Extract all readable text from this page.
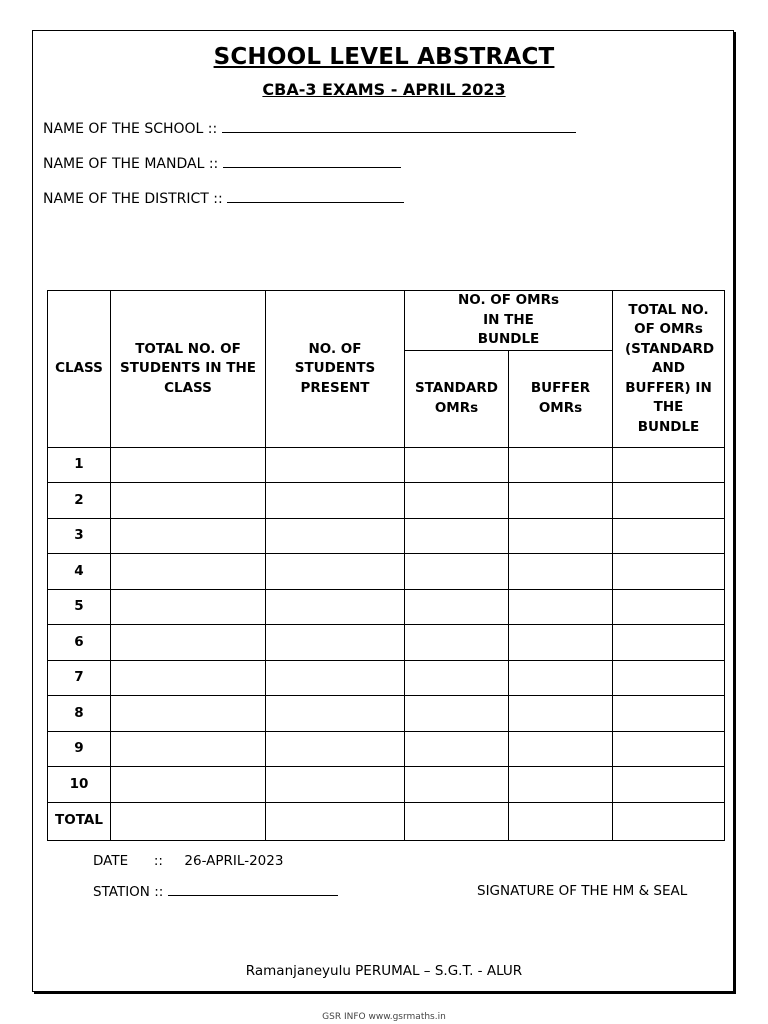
SCHOOL LEVEL ABSTRACT
CBA-3 EXAMS - APRIL 2023
NAME OF THE SCHOOL ::
NAME OF THE MANDAL ::
NAME OF THE DISTRICT ::
CLASS	TOTAL NO. OF STUDENTS IN THE CLASS	NO. OF STUDENTS PRESENT	NO. OF OMRs IN THE BUNDLE		TOTAL NO. OF OMRs (STANDARD AND BUFFER) IN THE BUNDLE

			STANDARD OMRs	BUFFER OMRs	

1					
2					
3					
4					
5					
6					
7					
8					
9					
10					
TOTAL					
DATE      ::     26-APRIL-2023
STATION ::	SIGNATURE OF THE HM & SEAL
Ramanjaneyulu PERUMAL – S.G.T. - ALUR
GSR INFO www.gsrmaths.in
